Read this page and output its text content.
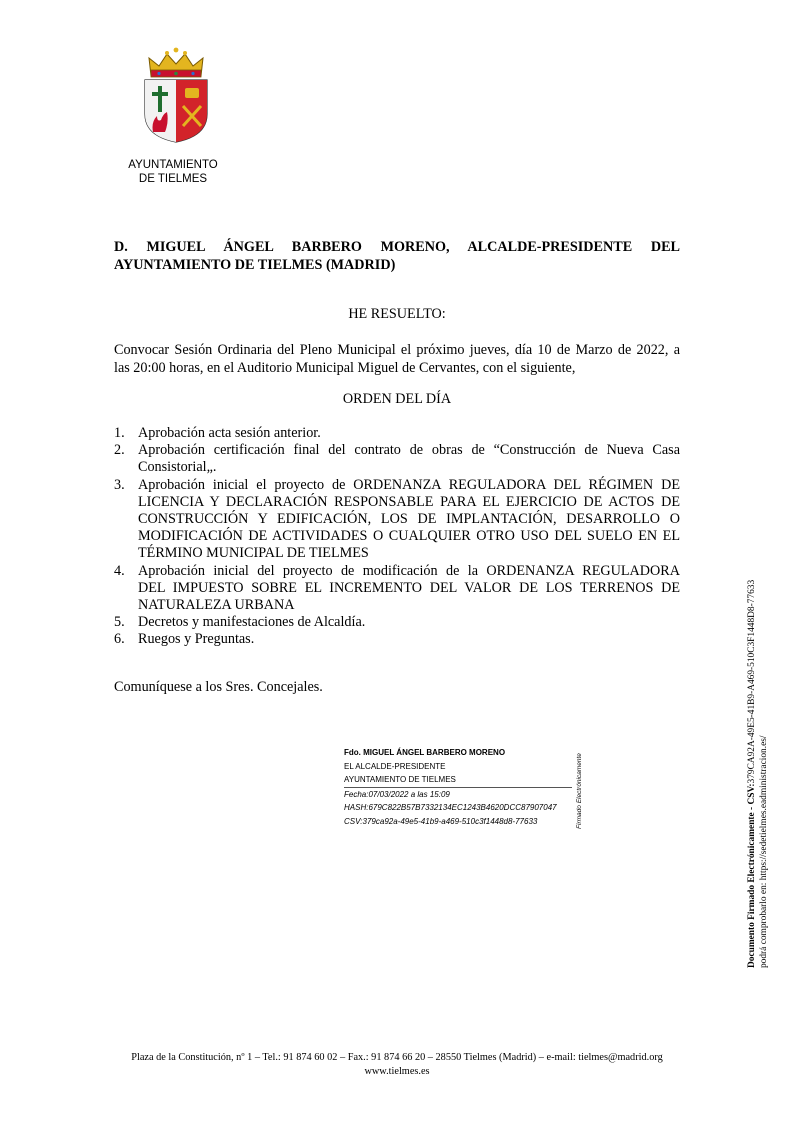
AYUNTAMIENTO
DE TIELMES
D. MIGUEL ÁNGEL BARBERO MORENO, ALCALDE-PRESIDENTE DEL
AYUNTAMIENTO DE TIELMES (MADRID)
HE RESUELTO:
Convocar Sesión Ordinaria del Pleno Municipal el próximo jueves, día 10 de Marzo de 2022, a
las 20:00 horas, en el Auditorio Municipal Miguel de Cervantes, con el siguiente,
ORDEN DEL DÍA
1. Aprobación acta sesión anterior.
2. Aprobación certificación final del contrato de obras de “Construcción de Nueva Casa
Consistorial„.
3. Aprobación inicial el proyecto de ORDENANZA REGULADORA DEL RÉGIMEN DE
LICENCIA Y DECLARACIÓN RESPONSABLE PARA EL EJERCICIO DE ACTOS DE
CONSTRUCCIÓN Y EDIFICACIÓN, LOS DE IMPLANTACIÓN, DESARROLLO O
MODIFICACIÓN DE ACTIVIDADES O CUALQUIER OTRO USO DEL SUELO EN EL
TÉRMINO MUNICIPAL DE TIELMES
4. Aprobación inicial del proyecto de modificación de la ORDENANZA REGULADORA
DEL IMPUESTO SOBRE EL INCREMENTO DEL VALOR DE LOS TERRENOS DE
NATURALEZA URBANA
5. Decretos y manifestaciones de Alcaldía.
6. Ruegos y Preguntas.
Comuníquese a los Sres. Concejales.
Fdo. MIGUEL ÁNGEL BARBERO MORENO
EL ALCALDE-PRESIDENTE
AYUNTAMIENTO DE TIELMES
Fecha:07/03/2022 a las 15:09
HASH:679C822B57B7332134EC1243B4620DCC87907047
CSV:379ca92a-49e5-41b9-a469-510c3f1448d8-77633	Firmado Electrónicamente	Documento Firmado Electrónicamente - CSV:379CA92A-49E5-41B9-A469-510C3F1448D8-77633
podrá comprobarlo en: https://sedetielmes.eadministracion.es/
Plaza de la Constitución, nº 1 – Tel.: 91 874 60 02 – Fax.: 91 874 66 20 – 28550 Tielmes (Madrid) – e-mail: tielmes@madrid.org
www.tielmes.es
